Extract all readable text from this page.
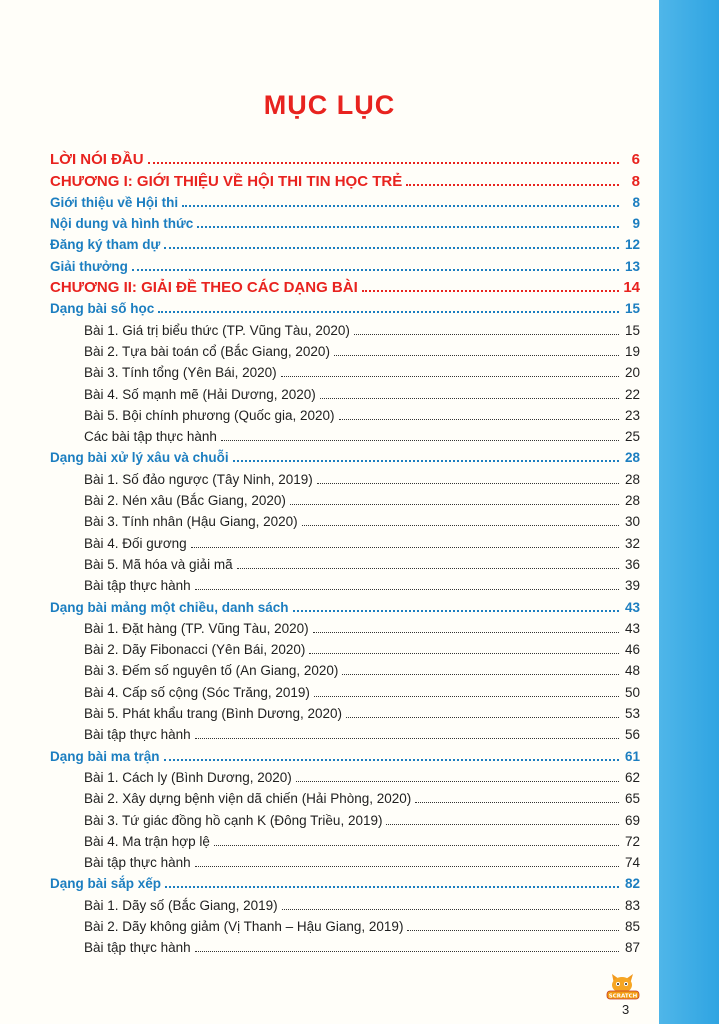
MỤC LỤC
LỜI NÓI ĐẦU	6
CHƯƠNG I: GIỚI THIỆU VỀ HỘI THI TIN HỌC TRẺ	8
Giới thiệu về Hội thi	8
Nội dung và hình thức	9
Đăng ký tham dự	12
Giải thưởng	13
CHƯƠNG II: GIẢI ĐỀ THEO CÁC DẠNG BÀI	14
Dạng bài số học	15
Bài 1. Giá trị biểu thức (TP. Vũng Tàu, 2020)	15
Bài 2. Tựa bài toán cổ (Bắc Giang, 2020)	19
Bài 3. Tính tổng (Yên Bái, 2020)	20
Bài 4. Số mạnh mẽ (Hải Dương, 2020)	22
Bài 5. Bội chính phương (Quốc gia, 2020)	23
Các bài tập thực hành	25
Dạng bài xử lý xâu và chuỗi	28
Bài 1. Số đảo ngược (Tây Ninh, 2019)	28
Bài 2. Nén xâu (Bắc Giang, 2020)	28
Bài 3. Tính nhân (Hậu Giang, 2020)	30
Bài 4. Đối gương	32
Bài 5. Mã hóa và giải mã	36
Bài tập thực hành	39
Dạng bài mảng một chiều, danh sách	43
Bài 1. Đặt hàng (TP. Vũng Tàu, 2020)	43
Bài 2. Dãy Fibonacci (Yên Bái, 2020)	46
Bài 3. Đếm số nguyên tố (An Giang, 2020)	48
Bài 4. Cấp số cộng (Sóc Trăng, 2019)	50
Bài 5. Phát khẩu trang (Bình Dương, 2020)	53
Bài tập thực hành	56
Dạng bài ma trận	61
Bài 1. Cách ly (Bình Dương, 2020)	62
Bài 2. Xây dựng bệnh viện dã chiến (Hải Phòng, 2020)	65
Bài 3. Tứ giác đồng hồ cạnh K (Đông Triều, 2019)	69
Bài 4. Ma trận hợp lệ	72
Bài tập thực hành	74
Dạng bài sắp xếp	82
Bài 1. Dãy số (Bắc Giang, 2019)	83
Bài 2. Dãy không giảm (Vị Thanh – Hậu Giang, 2019)	85
Bài tập thực hành	87
SCRATCH
3
